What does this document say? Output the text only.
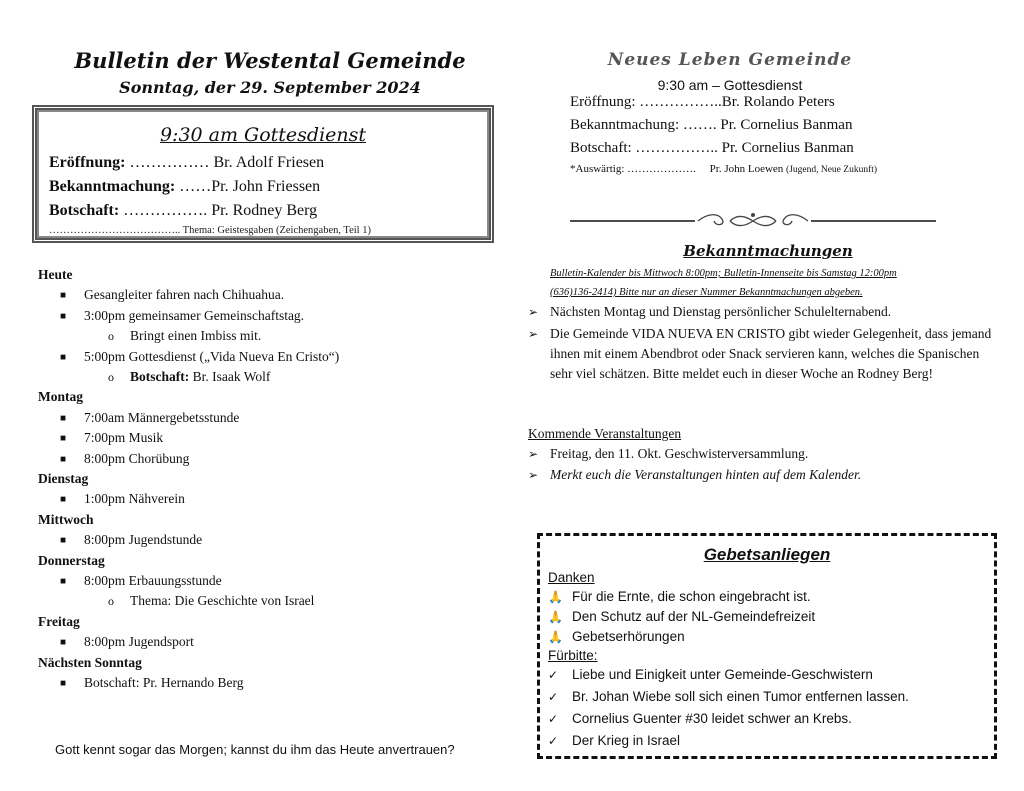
Bulletin der Westental Gemeinde
Sonntag, der 29. September 2024
9:30 am Gottesdienst
Eröffnung: …………… Br. Adolf Friesen
Bekanntmachung: ……Pr. John Friessen
Botschaft: ……………. Pr. Rodney Berg
……………………………….. Thema: Geistesgaben (Zeichengaben, Teil 1)
Heute
■ Gesangleiter fahren nach Chihuahua.
■ 3:00pm gemeinsamer Gemeinschaftstag.
o Bringt einen Imbiss mit.
■ 5:00pm Gottesdienst („Vida Nueva En Cristo“)
o Botschaft: Br. Isaak Wolf
Montag
■ 7:00am Männergebetsstunde
■ 7:00pm Musik
■ 8:00pm Chorübung
Dienstag
■ 1:00pm Nähverein
Mittwoch
■ 8:00pm Jugendstunde
Donnerstag
■ 8:00pm Erbauungsstunde
o Thema: Die Geschichte von Israel
Freitag
■ 8:00pm Jugendsport
Nächsten Sonntag
■ Botschaft: Pr. Hernando Berg
Gott kennt sogar das Morgen; kannst du ihm das Heute anvertrauen?
Neues Leben Gemeinde
9:30 am – Gottesdienst
Eröffnung: ……………..Br. Rolando Peters
Bekanntmachung: ……. Pr. Cornelius Banman
Botschaft: …………….. Pr. Cornelius Banman
*Auswärtig: ………………. Pr. John Loewen (Jugend, Neue Zukunft)
Bekanntmachungen
Bulletin-Kalender bis Mittwoch 8:00pm; Bulletin-Innenseite bis Samstag 12:00pm
(636)136-2414) Bitte nur an dieser Nummer Bekanntmachungen abgeben.
➢ Nächsten Montag und Dienstag persönlicher Schulelternabend.
➢ Die Gemeinde VIDA NUEVA EN CRISTO gibt wieder Gelegenheit, dass jemand ihnen mit einem Abendbrot oder Snack servieren kann, welches die Spanischen sehr viel schätzen. Bitte meldet euch in dieser Woche an Rodney Berg!
Kommende Veranstaltungen
➢ Freitag, den 11. Okt. Geschwisterversammlung.
➢ Merkt euch die Veranstaltungen hinten auf dem Kalender.
Gebetsanliegen
Danken
🙏 Für die Ernte, die schon eingebracht ist.
🙏 Den Schutz auf der NL-Gemeindefreizeit
🙏 Gebetserhörungen
Fürbitte:
✓ Liebe und Einigkeit unter Gemeinde-Geschwistern
✓ Br. Johan Wiebe soll sich einen Tumor entfernen lassen.
✓ Cornelius Guenter #30 leidet schwer an Krebs.
✓ Der Krieg in Israel
